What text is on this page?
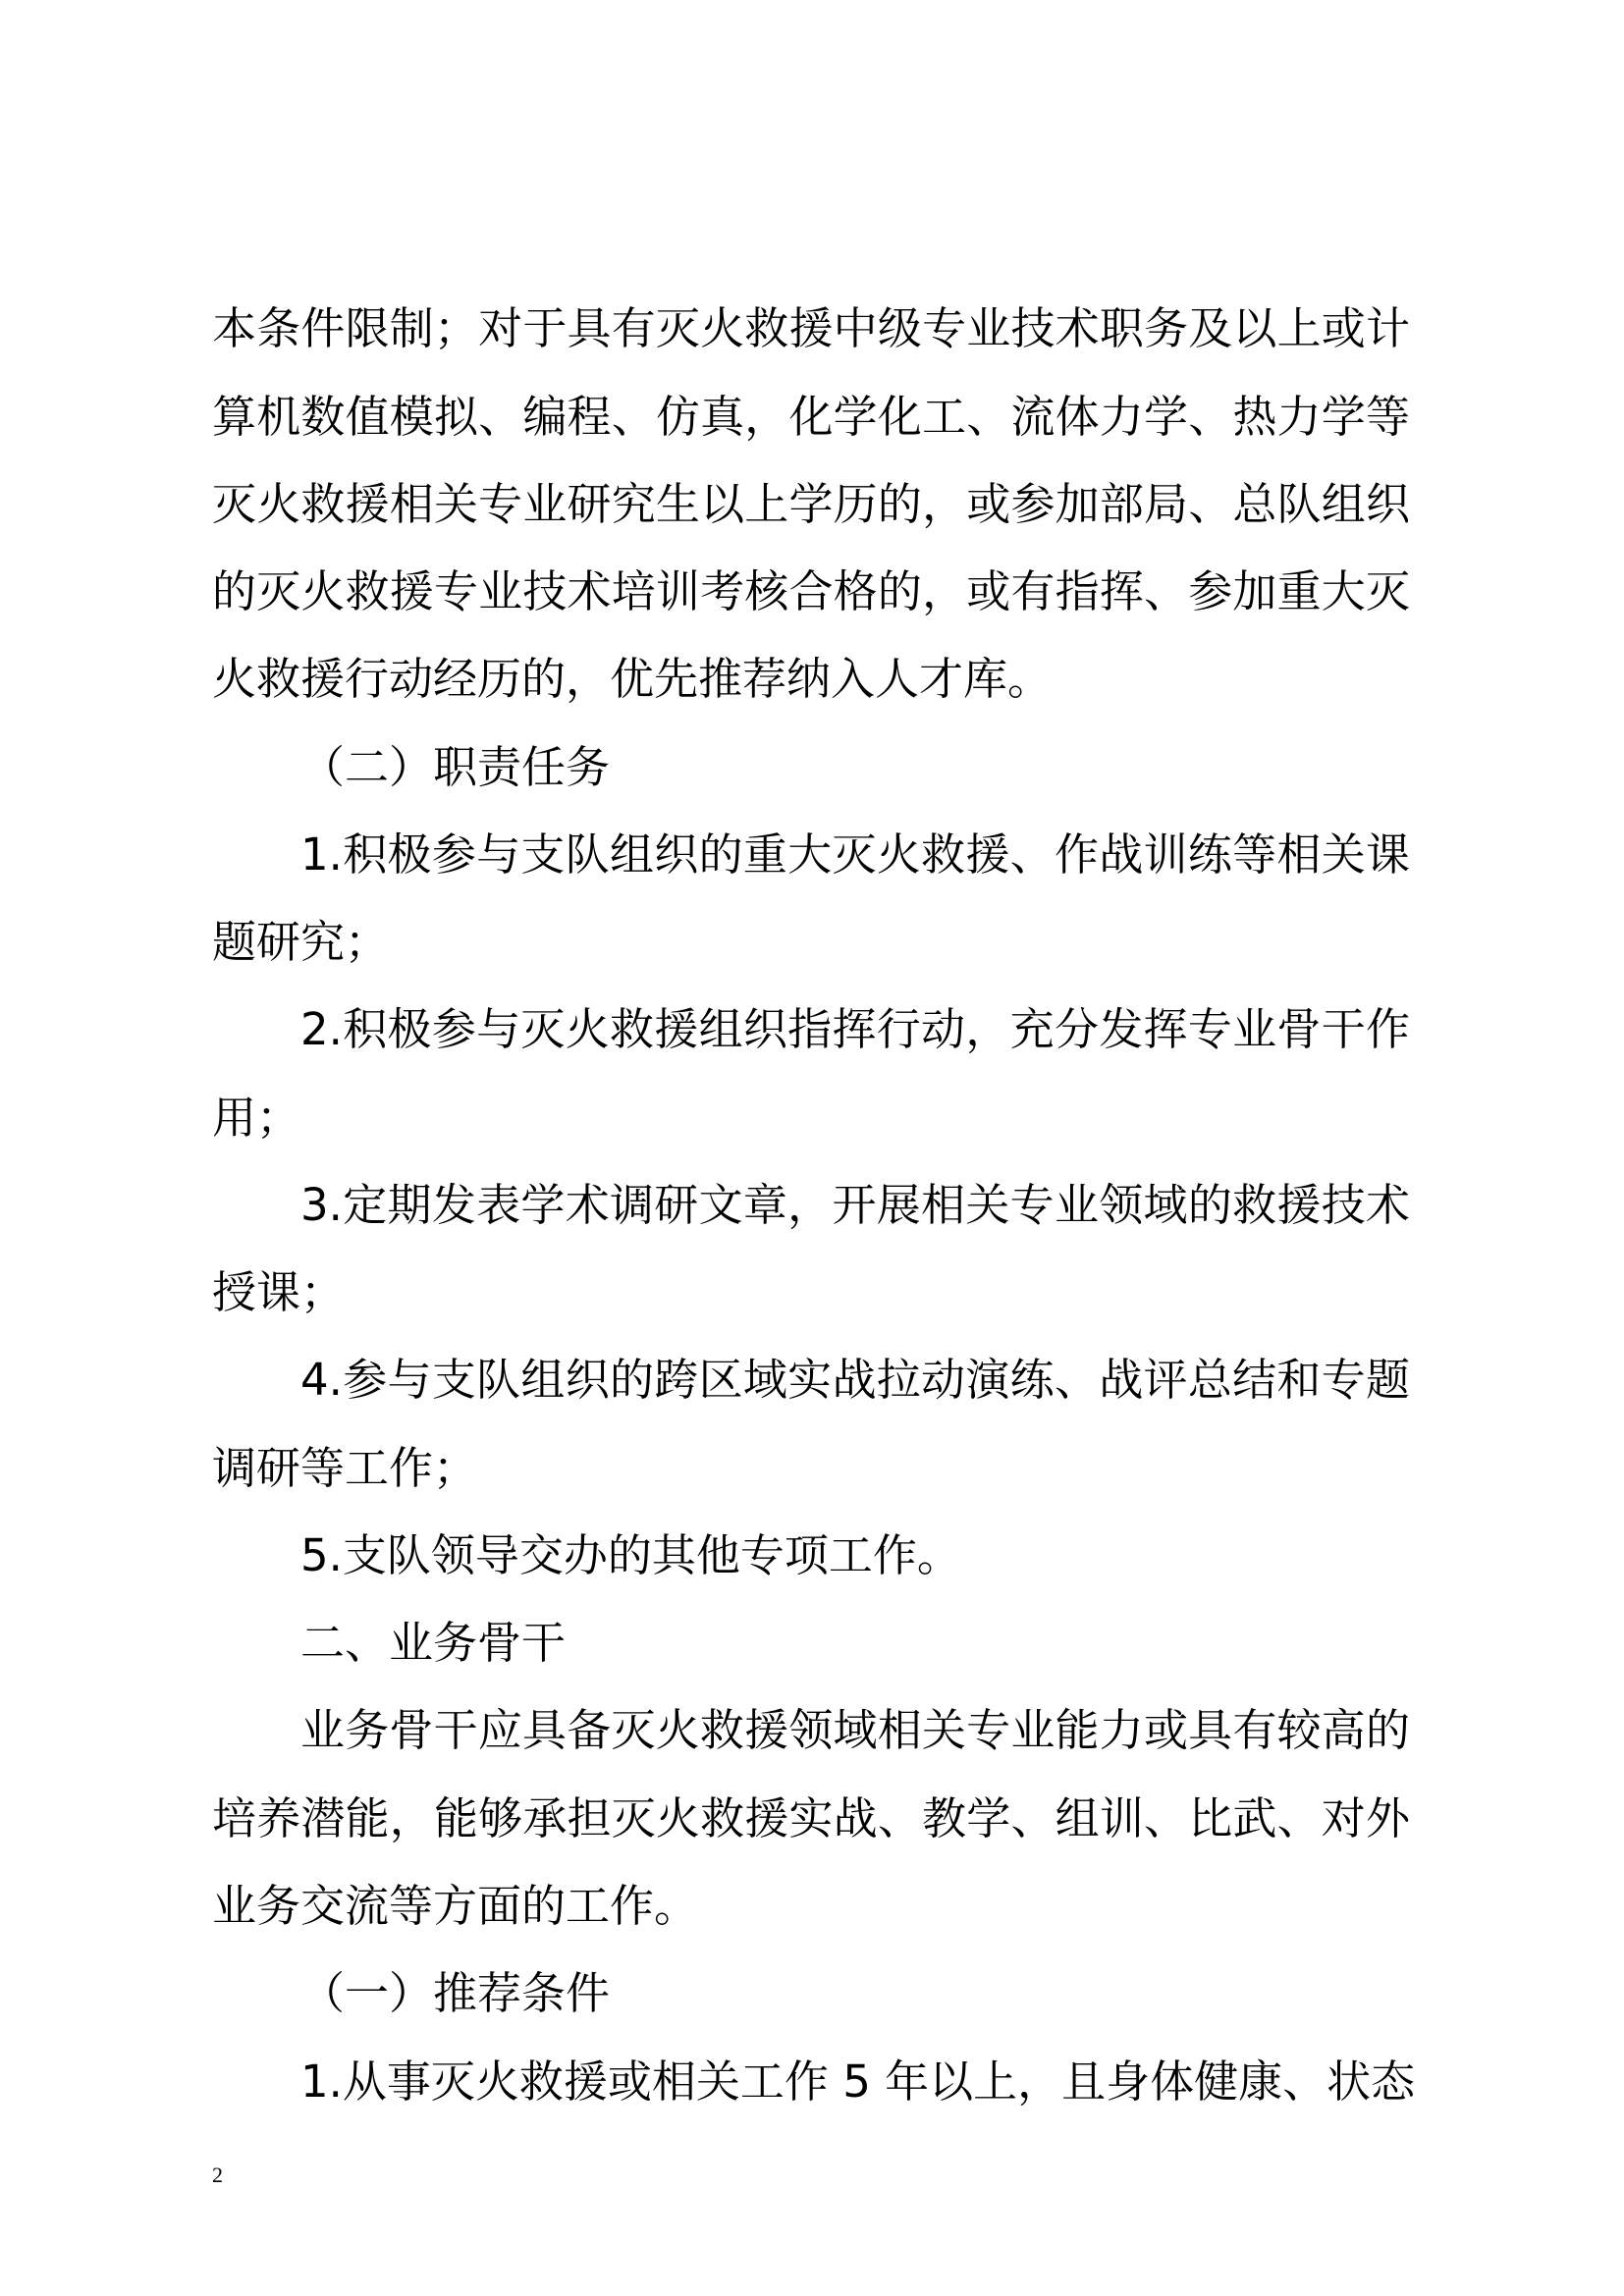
本条件限制；对于具有灭火救援中级专业技术职务及以上或计
算机数值模拟、编程、仿真，化学化工、流体力学、热力学等
灭火救援相关专业研究生以上学历的，或参加部局、总队组织
的灭火救援专业技术培训考核合格的，或有指挥、参加重大灭
火救援行动经历的，优先推荐纳入人才库。
（二）职责任务
1.积极参与支队组织的重大灭火救援、作战训练等相关课
题研究；
2.积极参与灭火救援组织指挥行动，充分发挥专业骨干作
用；
3.定期发表学术调研文章，开展相关专业领域的救援技术
授课；
4.参与支队组织的跨区域实战拉动演练、战评总结和专题
调研等工作；
5.支队领导交办的其他专项工作。
二、业务骨干
业务骨干应具备灭火救援领域相关专业能力或具有较高的
培养潜能，能够承担灭火救援实战、教学、组训、比武、对外
业务交流等方面的工作。
（一）推荐条件
1.从事灭火救援或相关工作 5 年以上，且身体健康、状态
2
